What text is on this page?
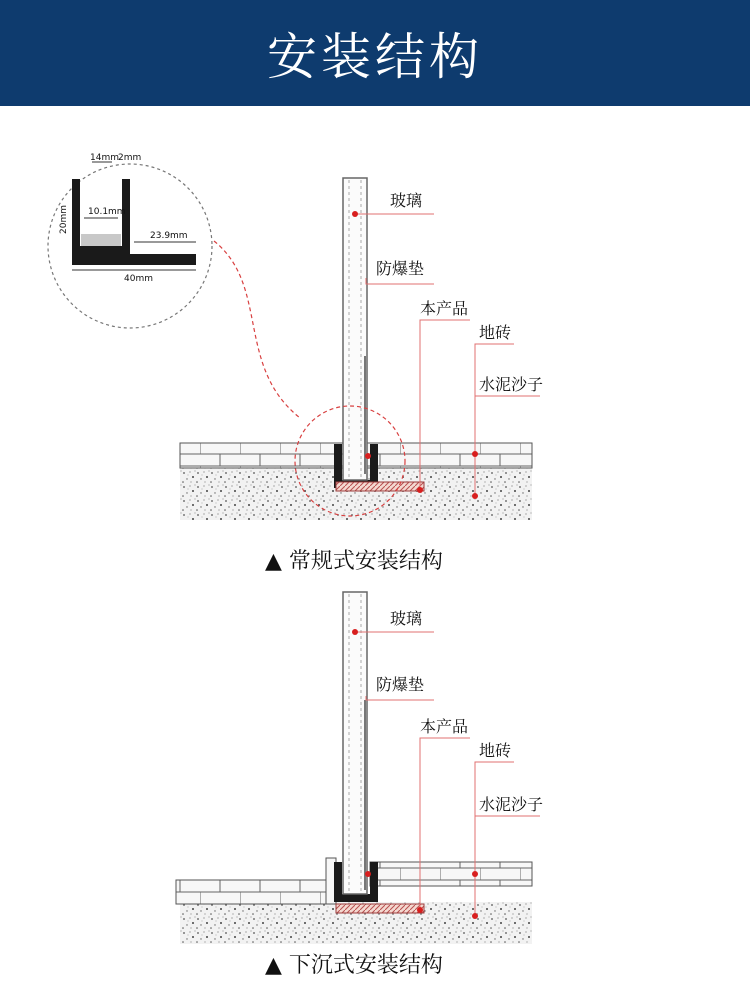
安装结构
14mm 2mm
10.1mm
20mm
23.9mm
40mm
玻璃
防爆垫
本产品
地砖
水泥沙子
▲ 常规式安装结构
玻璃
防爆垫
本产品
地砖
水泥沙子
▲ 下沉式安装结构
